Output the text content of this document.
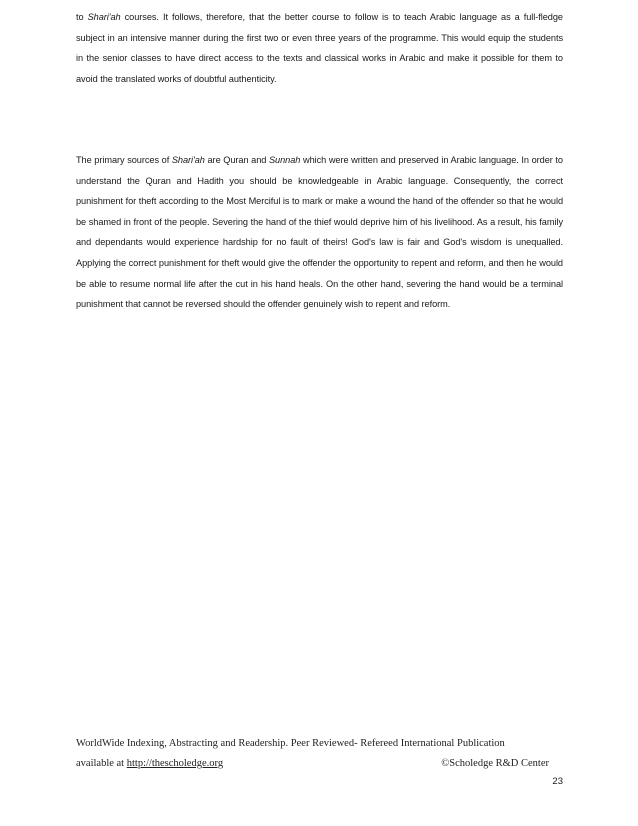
to Shari'ah courses. It follows, therefore, that the better course to follow is to teach Arabic language as a full-fledge subject in an intensive manner during the first two or even three years of the programme. This would equip the students in the senior classes to have direct access to the texts and classical works in Arabic and make it possible for them to avoid the translated works of doubtful authenticity.

The primary sources of Shari'ah are Quran and Sunnah which were written and preserved in Arabic language. In order to understand the Quran and Hadith you should be knowledgeable in Arabic language. Consequently, the correct punishment for theft according to the Most Merciful is to mark or make a wound the hand of the offender so that he would be shamed in front of the people. Severing the hand of the thief would deprive him of his livelihood. As a result, his family and dependants would experience hardship for no fault of theirs! God's law is fair and God's wisdom is unequalled. Applying the correct punishment for theft would give the offender the opportunity to repent and reform, and then he would be able to resume normal life after the cut in his hand heals. On the other hand, severing the hand would be a terminal punishment that cannot be reversed should the offender genuinely wish to repent and reform.

WorldWide Indexing, Abstracting and Readership. Peer Reviewed- Refereed International Publication
available at http://thescholedge.org	©Scholedge R&D Center
23
